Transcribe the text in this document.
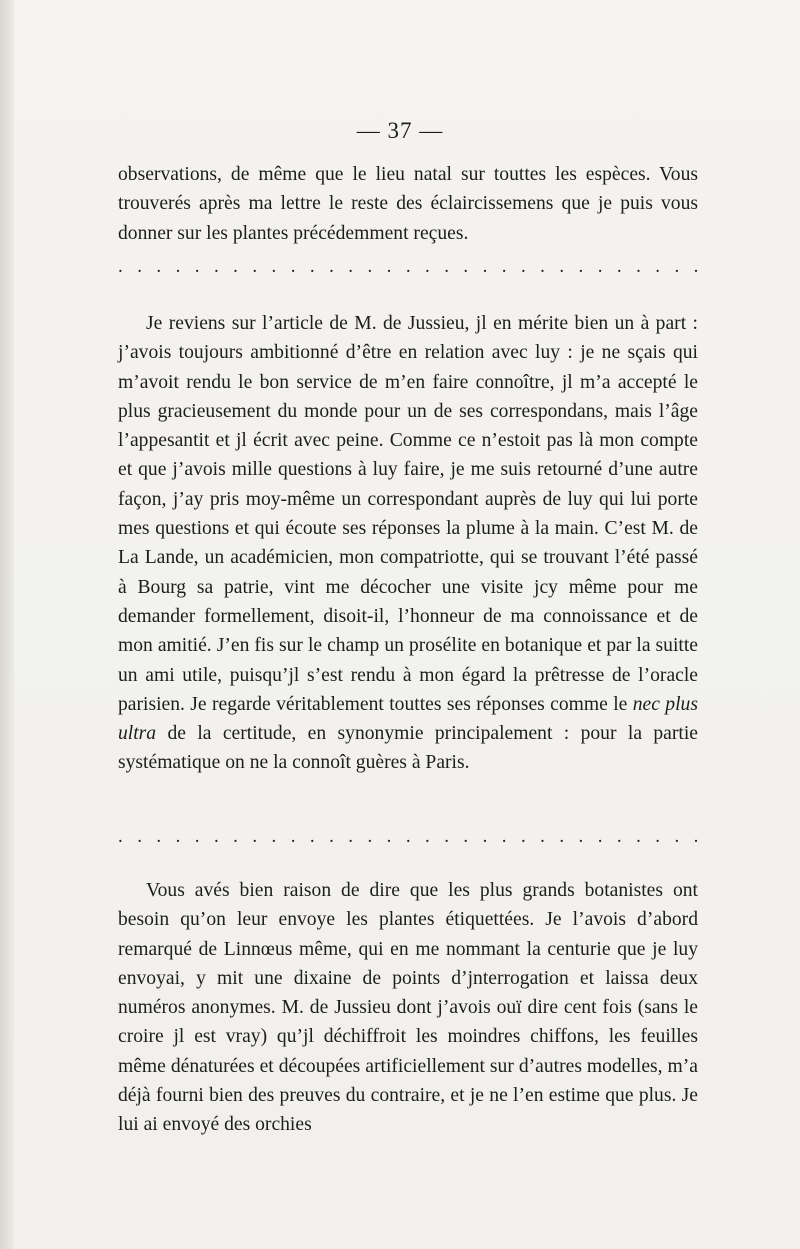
— 37 —
observations, de même que le lieu natal sur touttes les espèces. Vous trouverés après ma lettre le reste des éclaircissemens que je puis vous donner sur les plantes précédemment reçues.
. . . . . . . . . . . . . . . . . . . . . . . . . . . . . . .
Je reviens sur l’article de M. de Jussieu, jl en mérite bien un à part : j’avois toujours ambitionné d’être en relation avec luy : je ne sçais qui m’avoit rendu le bon service de m’en faire connoître, jl m’a accepté le plus gracieusement du monde pour un de ses correspondans, mais l’âge l’appesantit et jl écrit avec peine. Comme ce n’estoit pas là mon compte et que j’avois mille questions à luy faire, je me suis retourné d’une autre façon, j’ay pris moy-même un correspondant auprès de luy qui lui porte mes questions et qui écoute ses réponses la plume à la main. C’est M. de La Lande, un académicien, mon compatriotte, qui se trouvant l’été passé à Bourg sa patrie, vint me décocher une visite jcy même pour me demander formellement, disoit-il, l’honneur de ma connoissance et de mon amitié. J’en fis sur le champ un prosélite en botanique et par la suitte un ami utile, puisqu’jl s’est rendu à mon égard la prêtresse de l’oracle parisien. Je regarde véritablement touttes ses réponses comme le nec plus ultra de la certitude, en synonymie principalement : pour la partie systématique on ne la connoît guères à Paris.
. . . . . . . . . . . . . . . . . . . . . . . . . . . . . . .
Vous avés bien raison de dire que les plus grands botanistes ont besoin qu’on leur envoye les plantes étiquettées. Je l’avois d’abord remarqué de Linnœus même, qui en me nommant la centurie que je luy envoyai, y mit une dixaine de points d’jnterrogation et laissa deux numéros anonymes. M. de Jussieu dont j’avois ouï dire cent fois (sans le croire jl est vray) qu’jl déchiffroit les moindres chiffons, les feuilles même dénaturées et découpées artificiellement sur d’autres modelles, m’a déjà fourni bien des preuves du contraire, et je ne l’en estime que plus. Je lui ai envoyé des orchies
